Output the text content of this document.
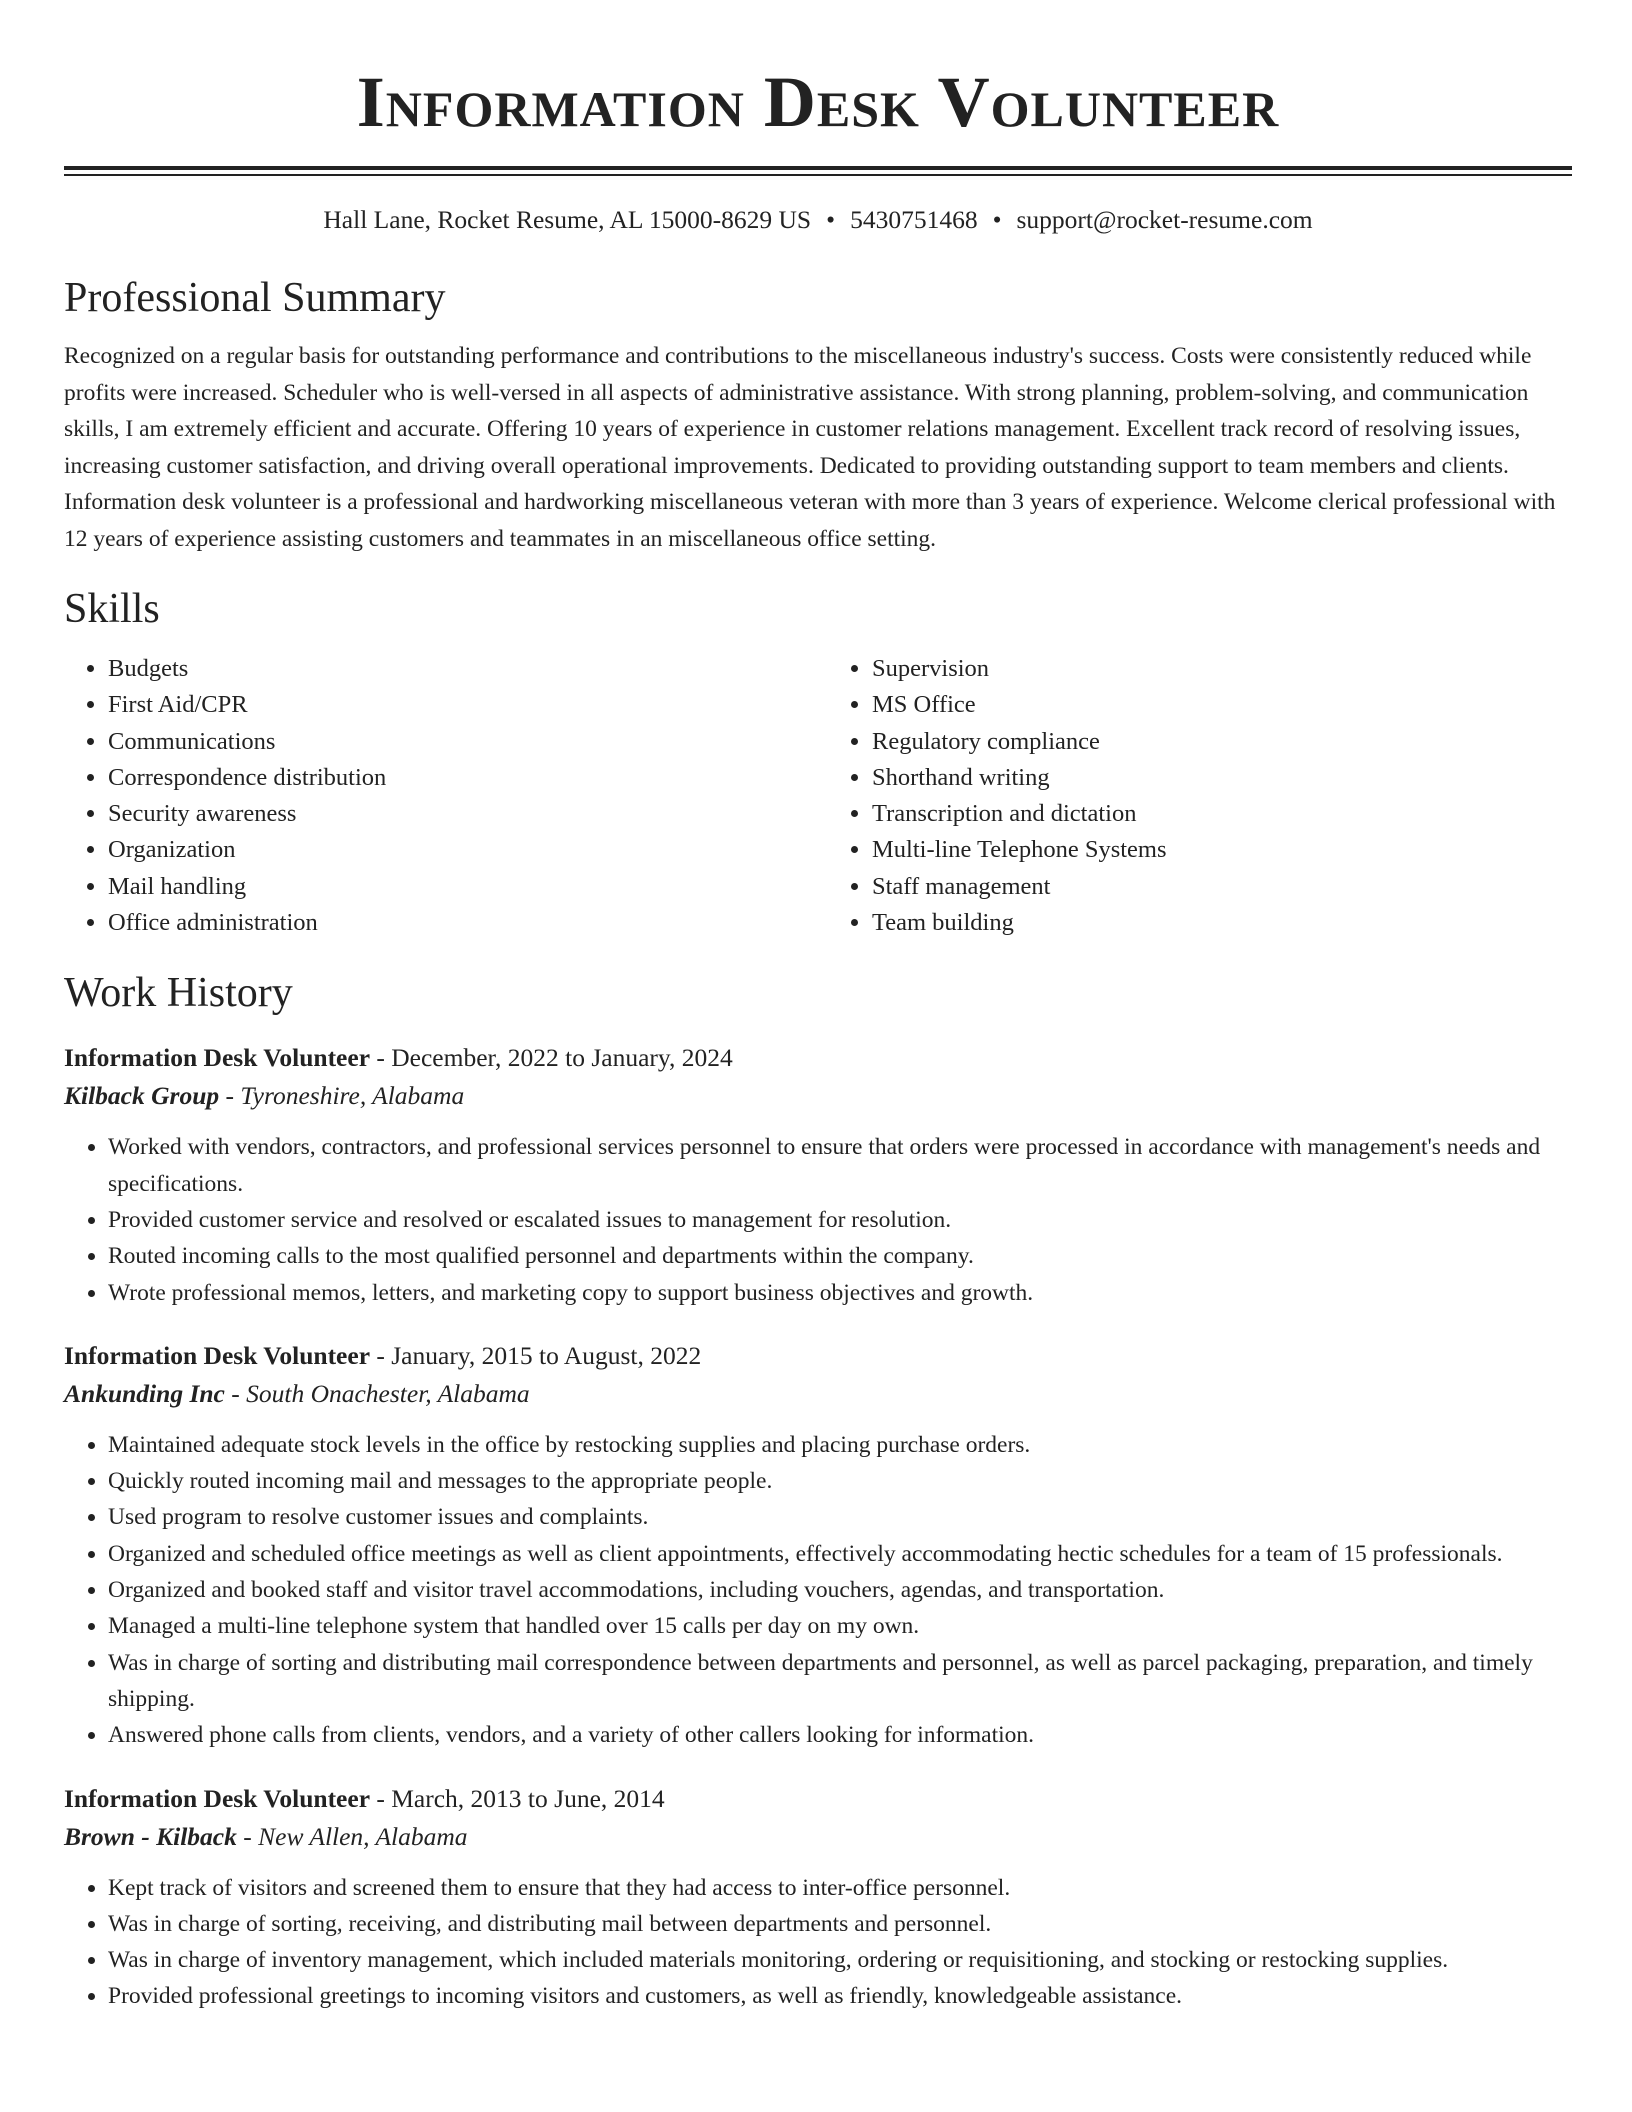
Information Desk Volunteer
Hall Lane, Rocket Resume, AL 15000-8629 US • 5430751468 • support@rocket-resume.com
Professional Summary

Recognized on a regular basis for outstanding performance and contributions to the miscellaneous industry's success. Costs were consistently reduced while profits were increased. Scheduler who is well-versed in all aspects of administrative assistance. With strong planning, problem-solving, and communication skills, I am extremely efficient and accurate. Offering 10 years of experience in customer relations management. Excellent track record of resolving issues, increasing customer satisfaction, and driving overall operational improvements. Dedicated to providing outstanding support to team members and clients. Information desk volunteer is a professional and hardworking miscellaneous veteran with more than 3 years of experience. Welcome clerical professional with 12 years of experience assisting customers and teammates in an miscellaneous office setting.

Skills
• Budgets
• First Aid/CPR
• Communications
• Correspondence distribution
• Security awareness
• Organization
• Mail handling
• Office administration
• Supervision
• MS Office
• Regulatory compliance
• Shorthand writing
• Transcription and dictation
• Multi-line Telephone Systems
• Staff management
• Team building
Work History
Information Desk Volunteer - December, 2022 to January, 2024
Kilback Group - Tyroneshire, Alabama
• Worked with vendors, contractors, and professional services personnel to ensure that orders were processed in accordance with management's needs and specifications.
• Provided customer service and resolved or escalated issues to management for resolution.
• Routed incoming calls to the most qualified personnel and departments within the company.
• Wrote professional memos, letters, and marketing copy to support business objectives and growth.
Information Desk Volunteer - January, 2015 to August, 2022
Ankunding Inc - South Onachester, Alabama
• Maintained adequate stock levels in the office by restocking supplies and placing purchase orders.
• Quickly routed incoming mail and messages to the appropriate people.
• Used program to resolve customer issues and complaints.
• Organized and scheduled office meetings as well as client appointments, effectively accommodating hectic schedules for a team of 15 professionals.
• Organized and booked staff and visitor travel accommodations, including vouchers, agendas, and transportation.
• Managed a multi-line telephone system that handled over 15 calls per day on my own.
• Was in charge of sorting and distributing mail correspondence between departments and personnel, as well as parcel packaging, preparation, and timely shipping.
• Answered phone calls from clients, vendors, and a variety of other callers looking for information.
Information Desk Volunteer - March, 2013 to June, 2014
Brown - Kilback - New Allen, Alabama
• Kept track of visitors and screened them to ensure that they had access to inter-office personnel.
• Was in charge of sorting, receiving, and distributing mail between departments and personnel.
• Was in charge of inventory management, which included materials monitoring, ordering or requisitioning, and stocking or restocking supplies.
• Provided professional greetings to incoming visitors and customers, as well as friendly, knowledgeable assistance.
